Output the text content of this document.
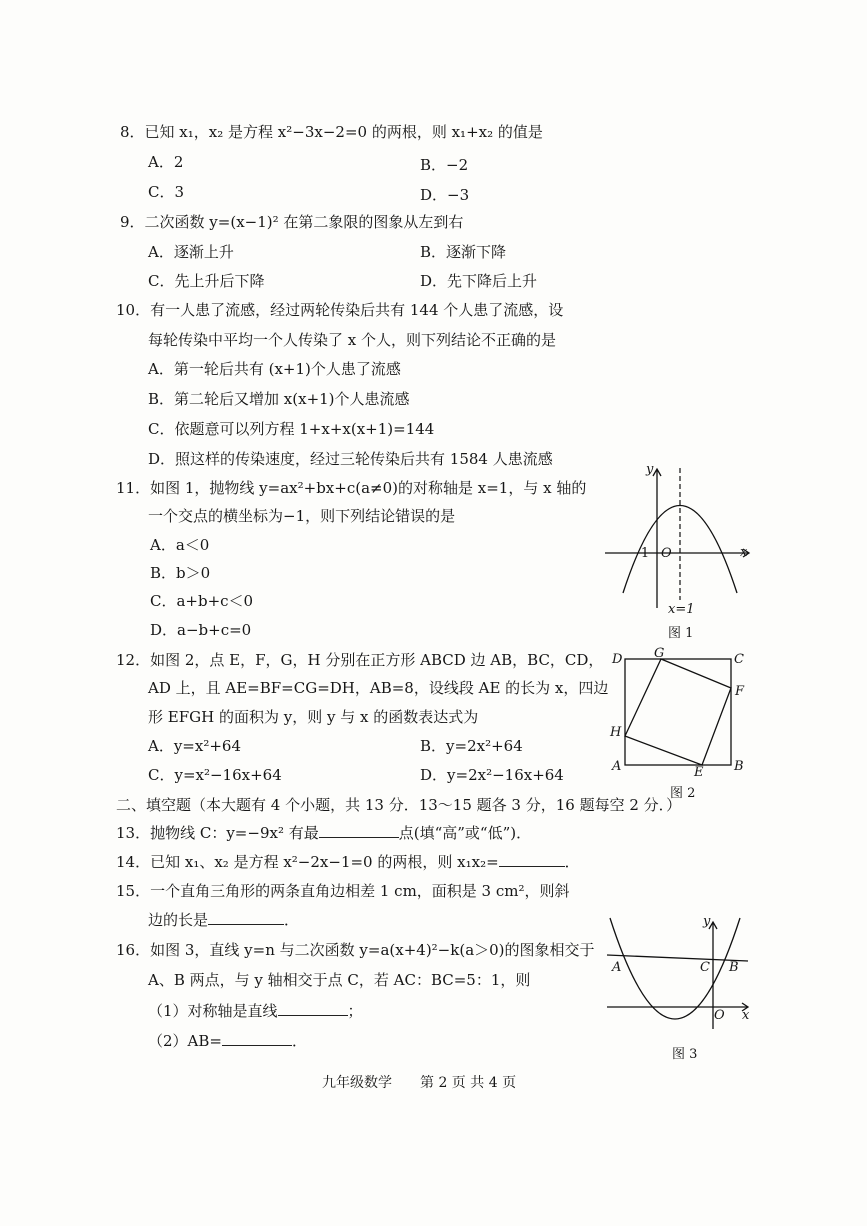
8．已知 x₁，x₂ 是方程 x²−3x−2=0 的两根，则 x₁+x₂ 的值是
A．2	B．−2
C．3	D．−3
9．二次函数 y=(x−1)² 在第二象限的图象从左到右
A．逐渐上升	B．逐渐下降
C．先上升后下降	D．先下降后上升
10．有一人患了流感，经过两轮传染后共有 144 个人患了流感，设
每轮传染中平均一个人传染了 x 个人，则下列结论不正确的是
A．第一轮后共有 (x+1)个人患了流感
B．第二轮后又增加 x(x+1)个人患流感
C．依题意可以列方程 1+x+x(x+1)=144
D．照这样的传染速度，经过三轮传染后共有 1584 人患流感
11．如图 1，抛物线 y=ax²+bx+c(a≠0)的对称轴是 x=1，与 x 轴的
一个交点的横坐标为−1，则下列结论错误的是
A．a＜0
B．b＞0
C．a+b+c＜0
D．a−b+c=0
y
x
−1 O
x=1
图 1
12．如图 2，点 E，F，G，H 分别在正方形 ABCD 边 AB，BC，CD，
AD 上，且 AE=BF=CG=DH，AB=8，设线段 AE 的长为 x，四边
形 EFGH 的面积为 y，则 y 与 x 的函数表达式为
A．y=x²+64	B．y=2x²+64
C．y=x²−16x+64	D．y=2x²−16x+64
D G	C
F
H
A	E B
图 2
二、填空题（本大题有 4 个小题，共 13 分．13～15 题各 3 分，16 题每空 2 分．）
13．抛物线 C：y=−9x² 有最	点(填“高”或“低”)．
14．已知 x₁、x₂ 是方程 x²−2x−1=0 的两根，则 x₁x₂=	．
15．一个直角三角形的两条直角边相差 1 cm，面积是 3 cm²，则斜
边的长是	．
16．如图 3，直线 y=n 与二次函数 y=a(x+4)²−k(a＞0)的图象相交于
A、B 两点，与 y 轴相交于点 C，若 AC：BC=5：1，则
（1）对称轴是直线	；
（2）AB=	．
y
x
A	C B
O
图 3
九年级数学　　第 2 页 共 4 页
